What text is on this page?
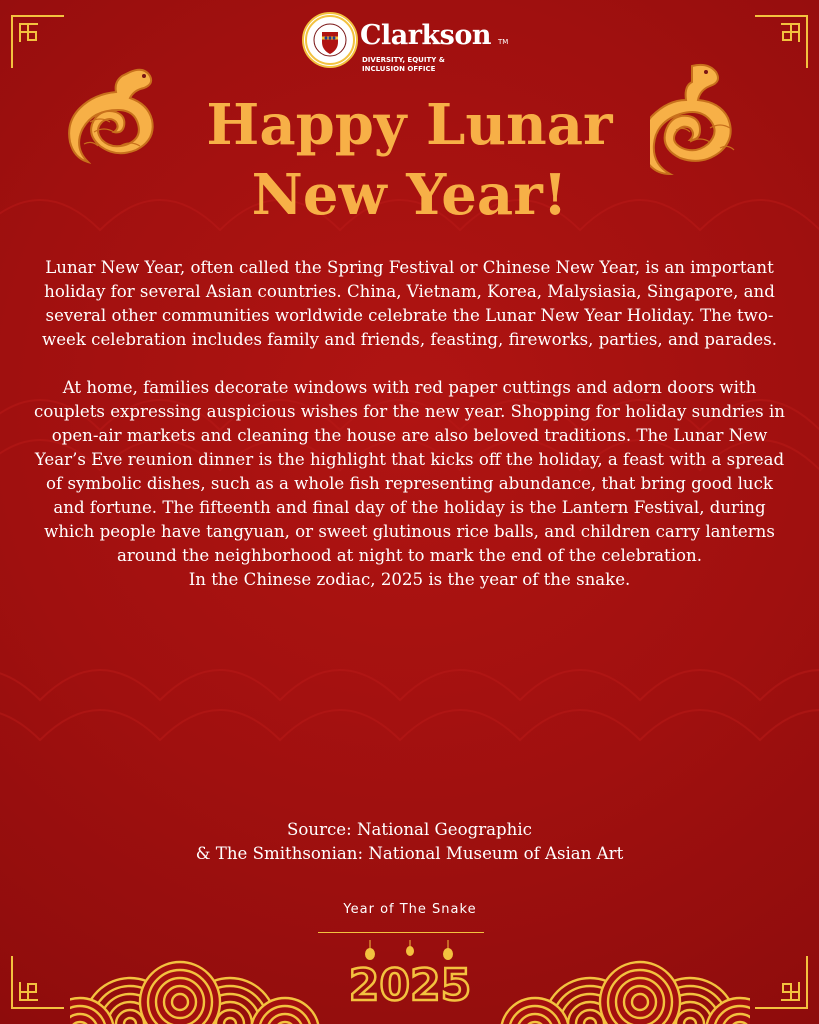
Clarkson TM
DIVERSITY, EQUITY & INCLUSION OFFICE
Happy Lunar
New Year!

Lunar New Year, often called the Spring Festival or Chinese New Year, is an important holiday for several Asian countries. China, Vietnam, Korea, Malysiasia, Singapore, and several other communities worldwide celebrate the Lunar New Year Holiday. The two-week celebration includes family and friends, feasting, fireworks, parties, and parades.

At home, families decorate windows with red paper cuttings and adorn doors with couplets expressing auspicious wishes for the new year. Shopping for holiday sundries in open-air markets and cleaning the house are also beloved traditions. The Lunar New Year’s Eve reunion dinner is the highlight that kicks off the holiday, a feast with a spread of symbolic dishes, such as a whole fish representing abundance, that bring good luck and fortune. The fifteenth and final day of the holiday is the Lantern Festival, during which people have tangyuan, or sweet glutinous rice balls, and children carry lanterns around the neighborhood at night to mark the end of the celebration.

In the Chinese zodiac, 2025 is the year of the snake.

Source: National Geographic
& The Smithsonian: National Museum of Asian Art
Year of The Snake
2025
